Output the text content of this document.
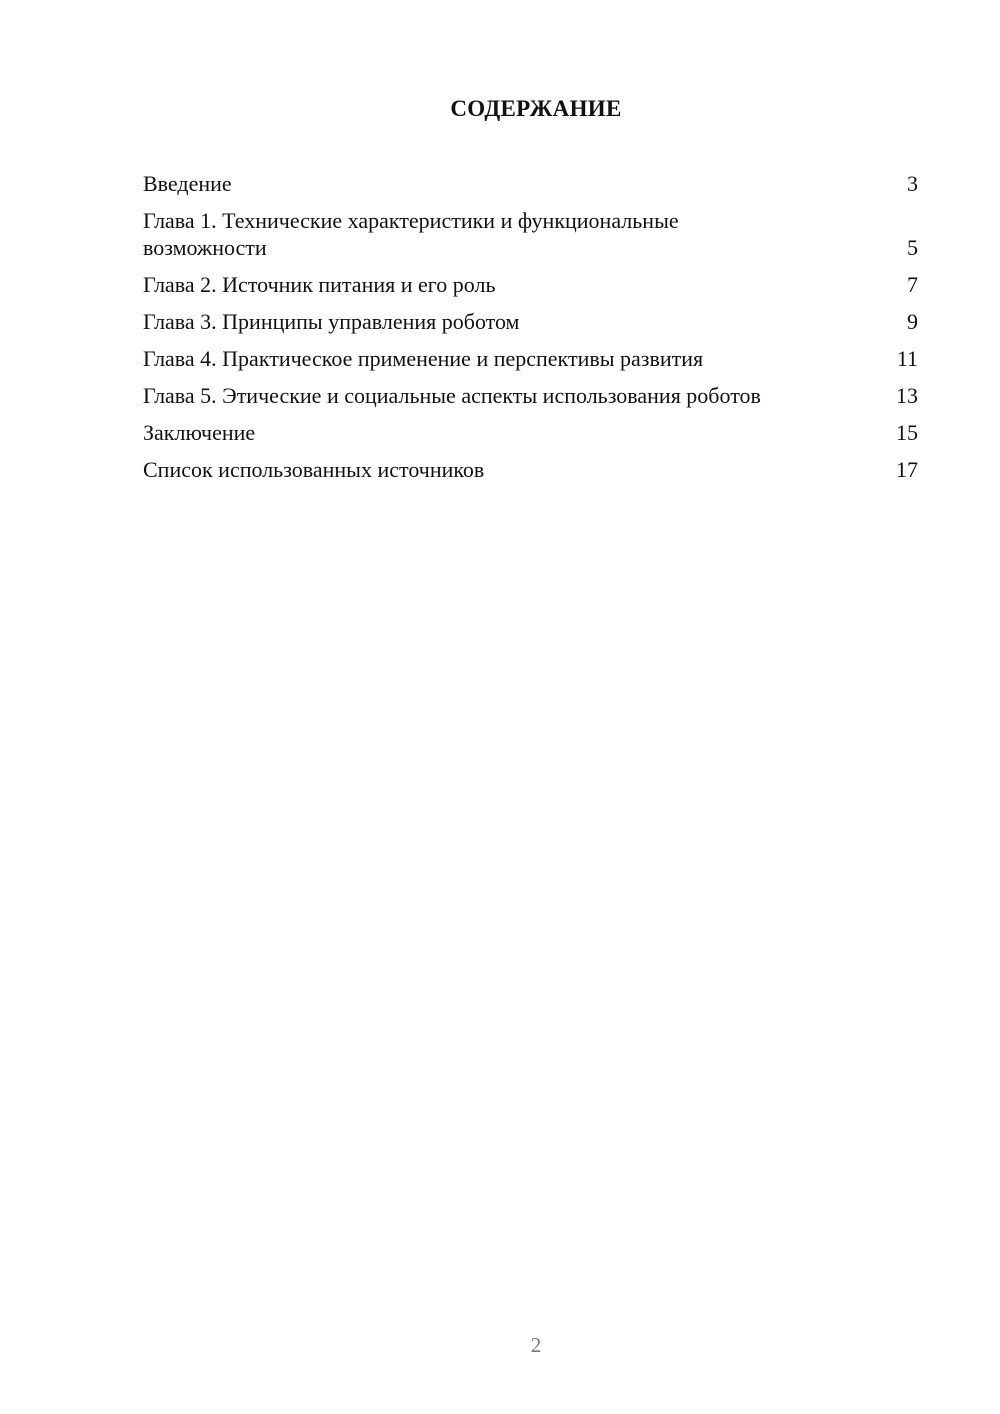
СОДЕРЖАНИЕ
Введение	3
Глава 1. Технические характеристики и функциональные возможности	5
Глава 2. Источник питания и его роль	7
Глава 3. Принципы управления роботом	9
Глава 4. Практическое применение и перспективы развития	11
Глава 5. Этические и социальные аспекты использования роботов	13
Заключение	15
Список использованных источников	17
2
